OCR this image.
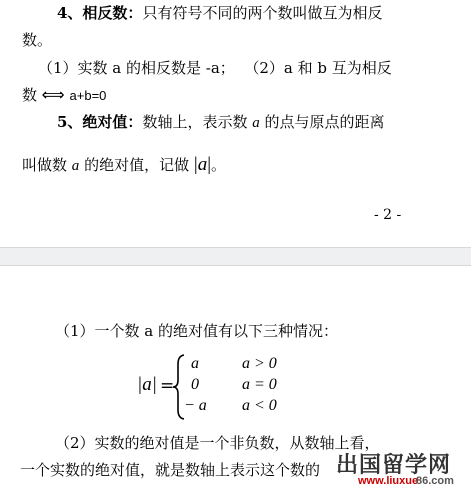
4、相反数：只有符号不同的两个数叫做互为相反
数。
（1）实数 a 的相反数是 -a； （2）a 和 b 互为相反
数 ⟺ a+b=0
5、绝对值：数轴上，表示数 a 的点与原点的距离
叫做数 a 的绝对值，记做 |a|。
- 2 -
（1）一个数 a 的绝对值有以下三种情况：
|a| =
a	a > 0
0	a = 0
− a a < 0
（2）实数的绝对值是一个非负数，从数轴上看，
一个实数的绝对值，就是数轴上表示这个数的 出国留学网
www.liuxue
86.com
